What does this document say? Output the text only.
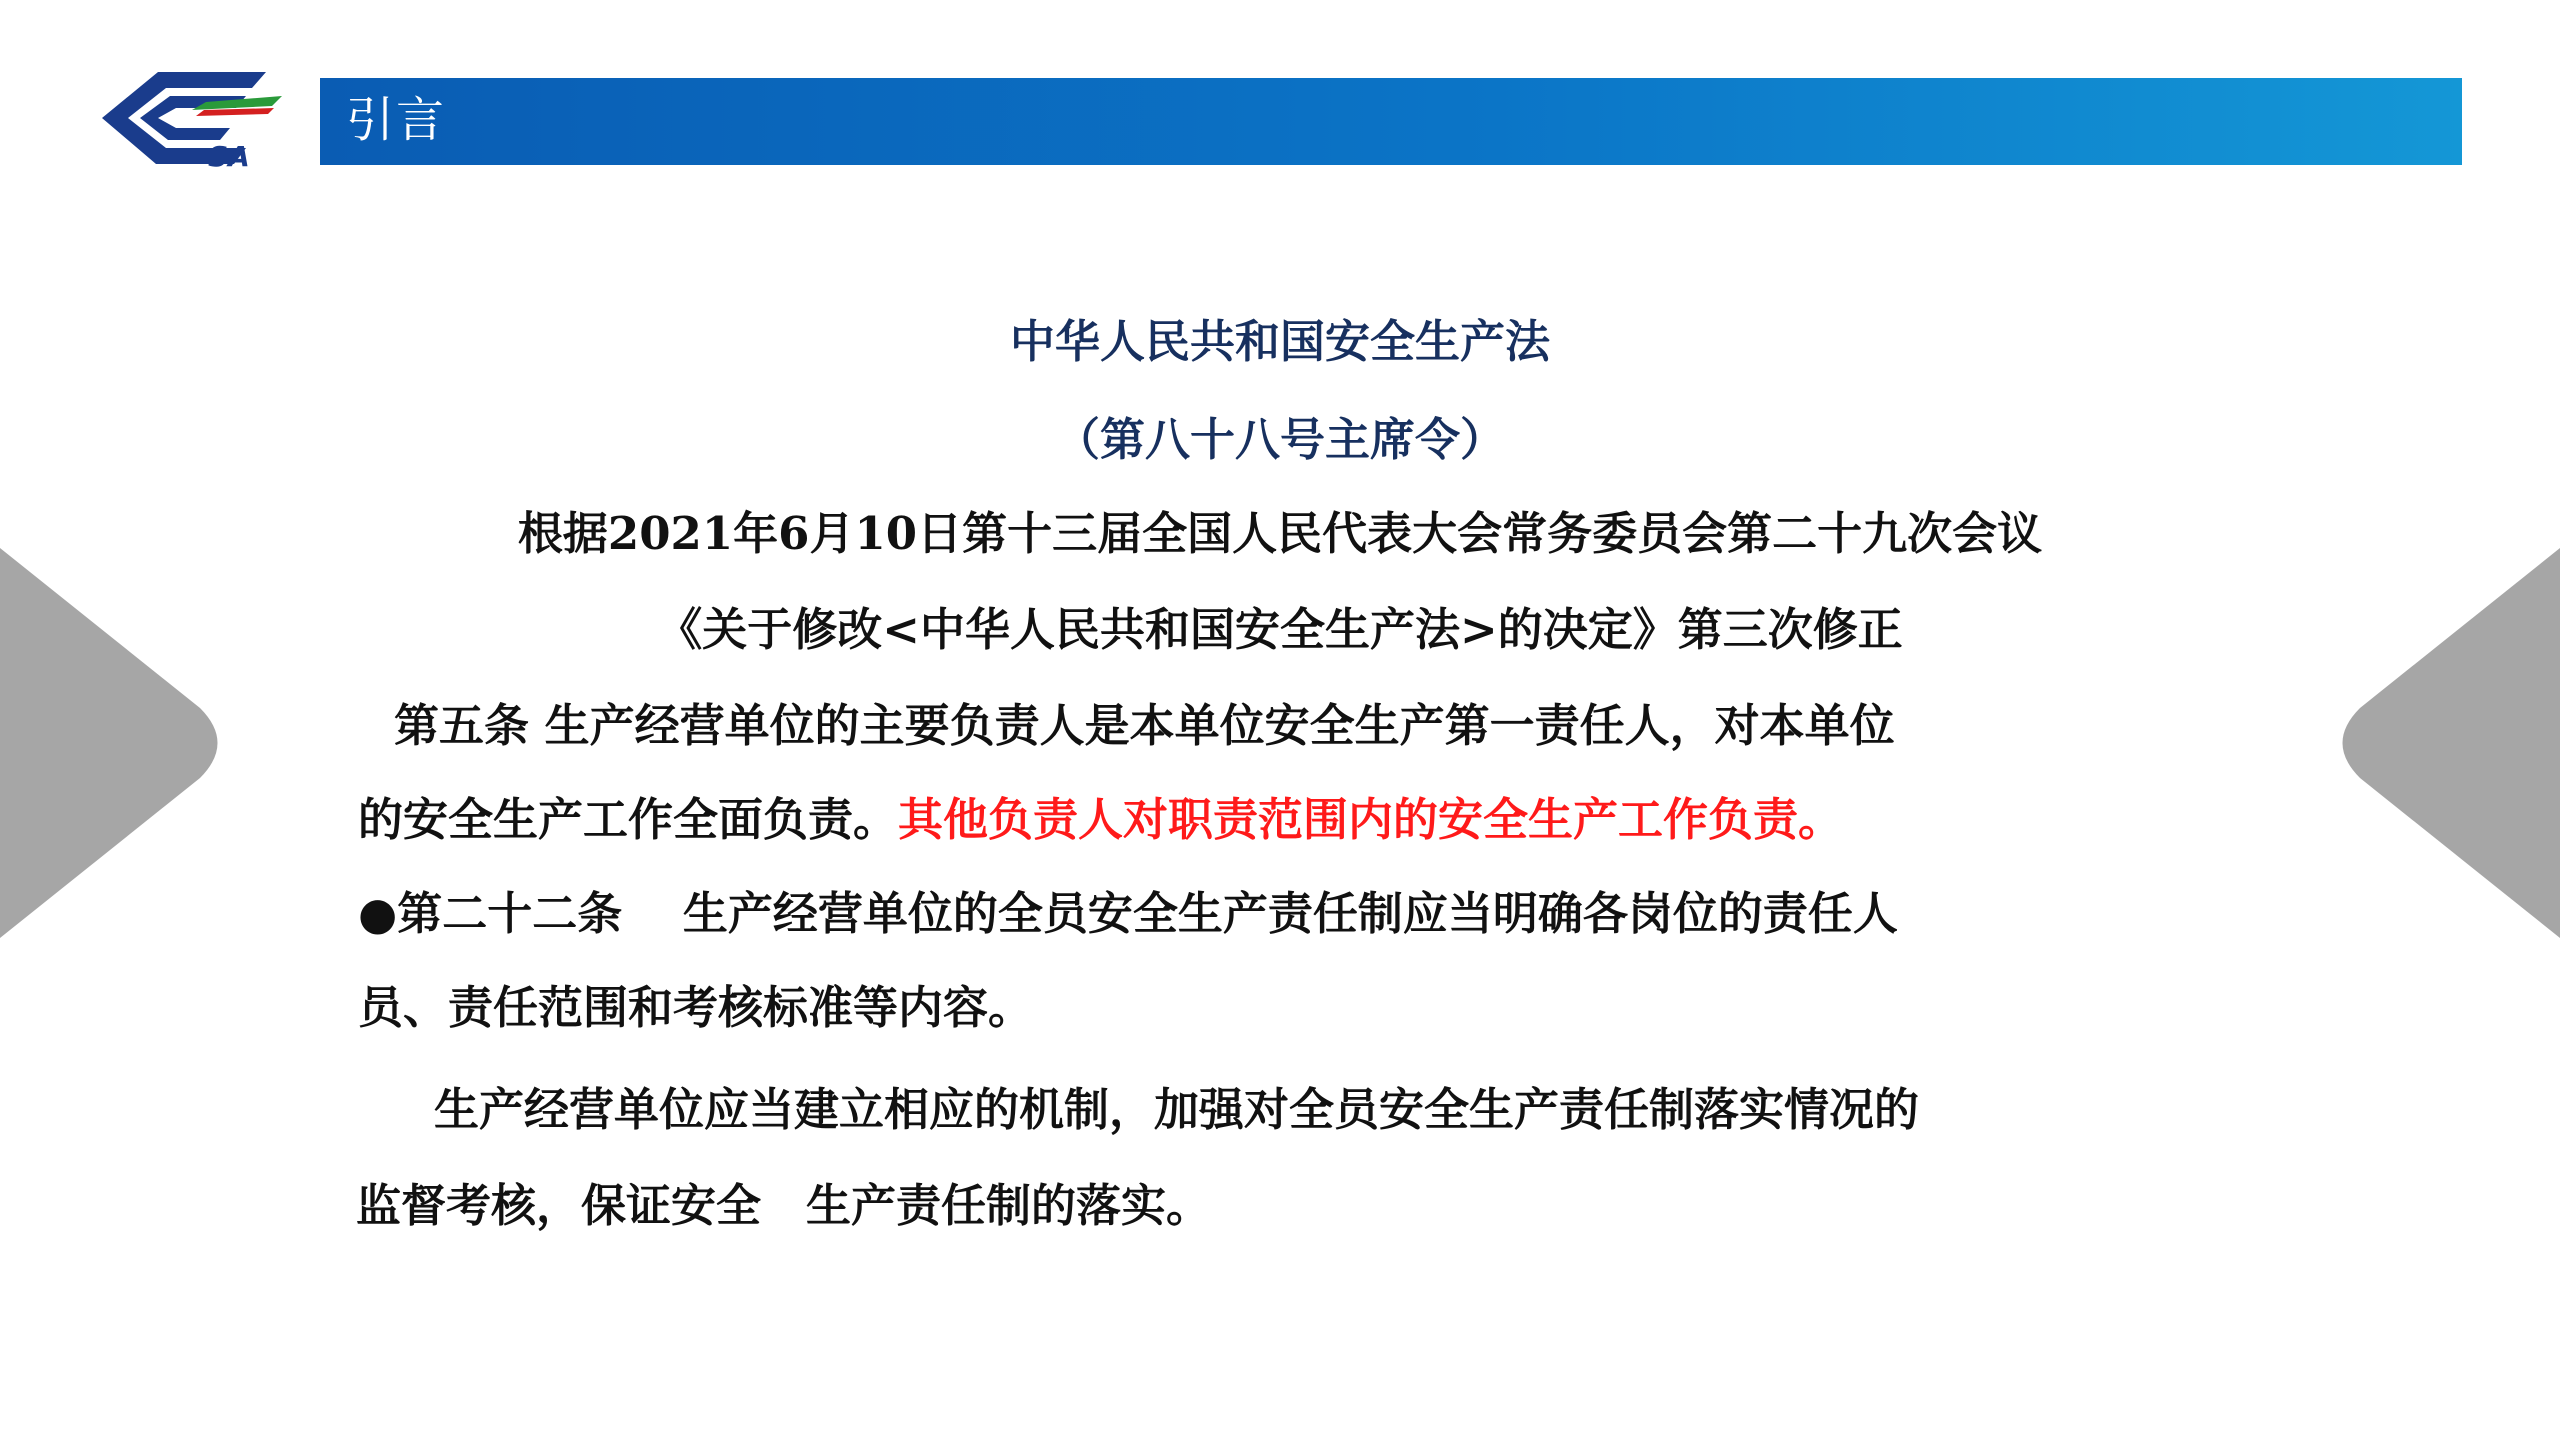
SA
引言
中华人民共和国安全生产法
（第八十八号主席令）
根据2021年6月10日第十三届全国人民代表大会常务委员会第二十九次会议
《关于修改<中华人民共和国安全生产法>的决定》第三次修正
第五条 生产经营单位的主要负责人是本单位安全生产第一责任人，对本单位
的安全生产工作全面负责。其他负责人对职责范围内的安全生产工作负责。
●第二十二条　 生产经营单位的全员安全生产责任制应当明确各岗位的责任人
员、责任范围和考核标准等内容。
生产经营单位应当建立相应的机制，加强对全员安全生产责任制落实情况的
监督考核，保证安全　生产责任制的落实。
